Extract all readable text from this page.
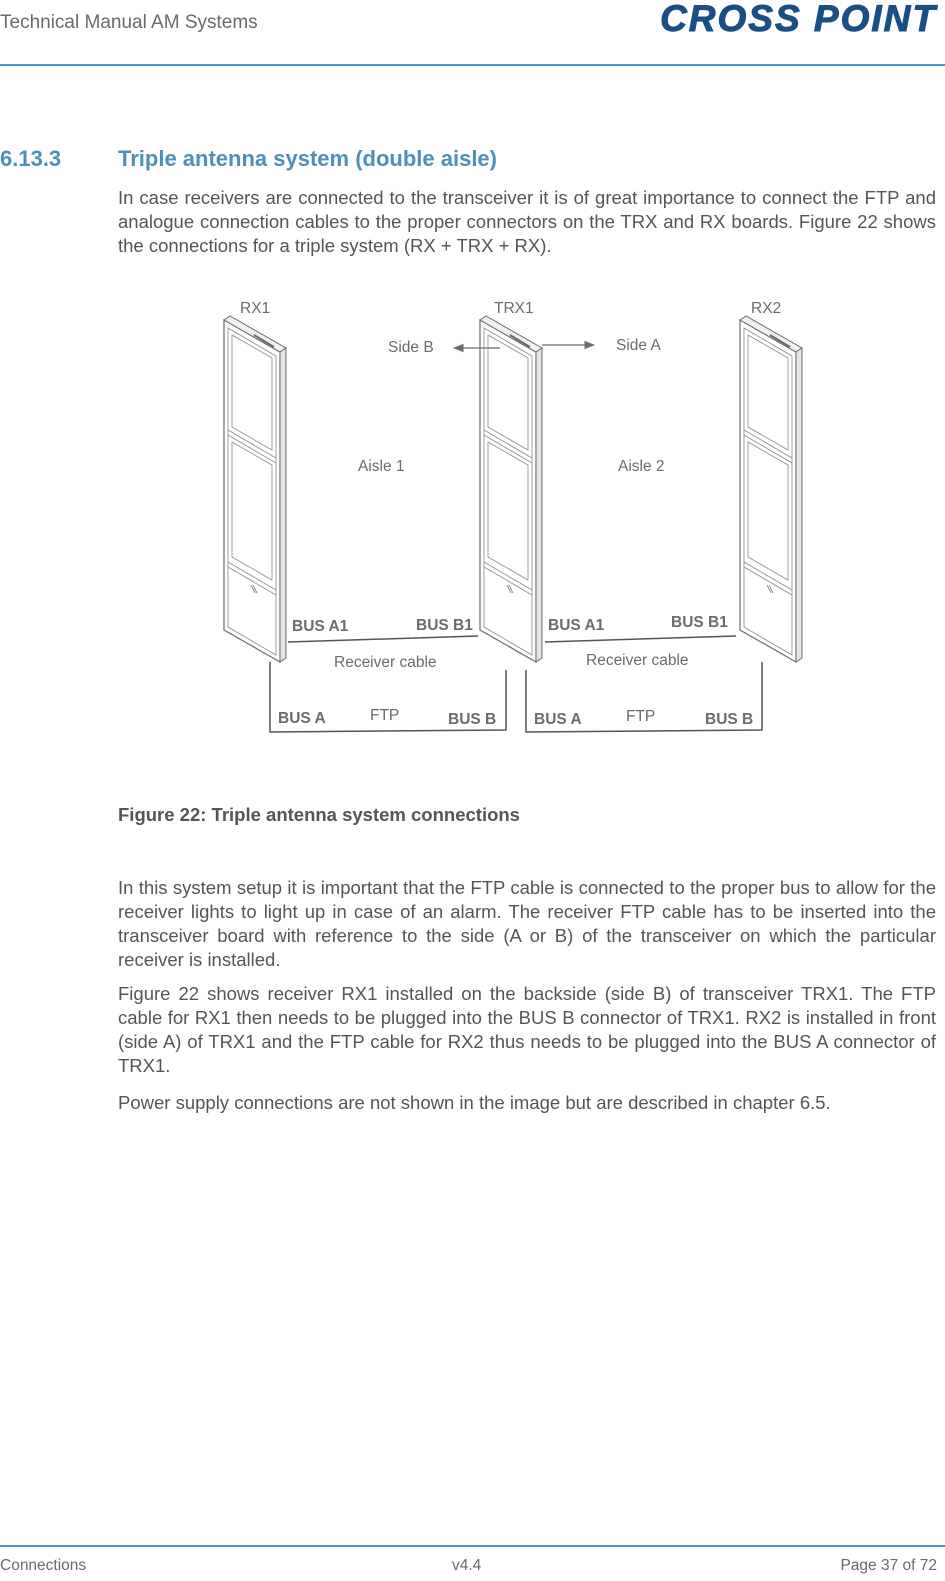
Technical Manual AM Systems	CROSS POINT
6.13.3	Triple antenna system (double aisle)

In case receivers are connected to the transceiver it is of great importance to connect the FTP and analogue connection cables to the proper connectors on the TRX and RX boards. Figure 22 shows the connections for a triple system (RX + TRX + RX).

RX1	TRX1	RX2
Side B	Side A
Aisle 1	Aisle 2
BUS A1	BUS B1	BUS A1	BUS B1
Receiver cable	Receiver cable
BUS A	FTP	BUS B BUS A	FTP	BUS B
Figure 22: Triple antenna system connections

In this system setup it is important that the FTP cable is connected to the proper bus to allow for the receiver lights to light up in case of an alarm. The receiver FTP cable has to be inserted into the transceiver board with reference to the side (A or B) of the transceiver on which the particular receiver is installed.

Figure 22 shows receiver RX1 installed on the backside (side B) of transceiver TRX1. The FTP cable for RX1 then needs to be plugged into the BUS B connector of TRX1. RX2 is installed in front (side A) of TRX1 and the FTP cable for RX2 thus needs to be plugged into the BUS A connector of TRX1.

Power supply connections are not shown in the image but are described in chapter 6.5.

Connections	v4.4	Page 37 of 72
